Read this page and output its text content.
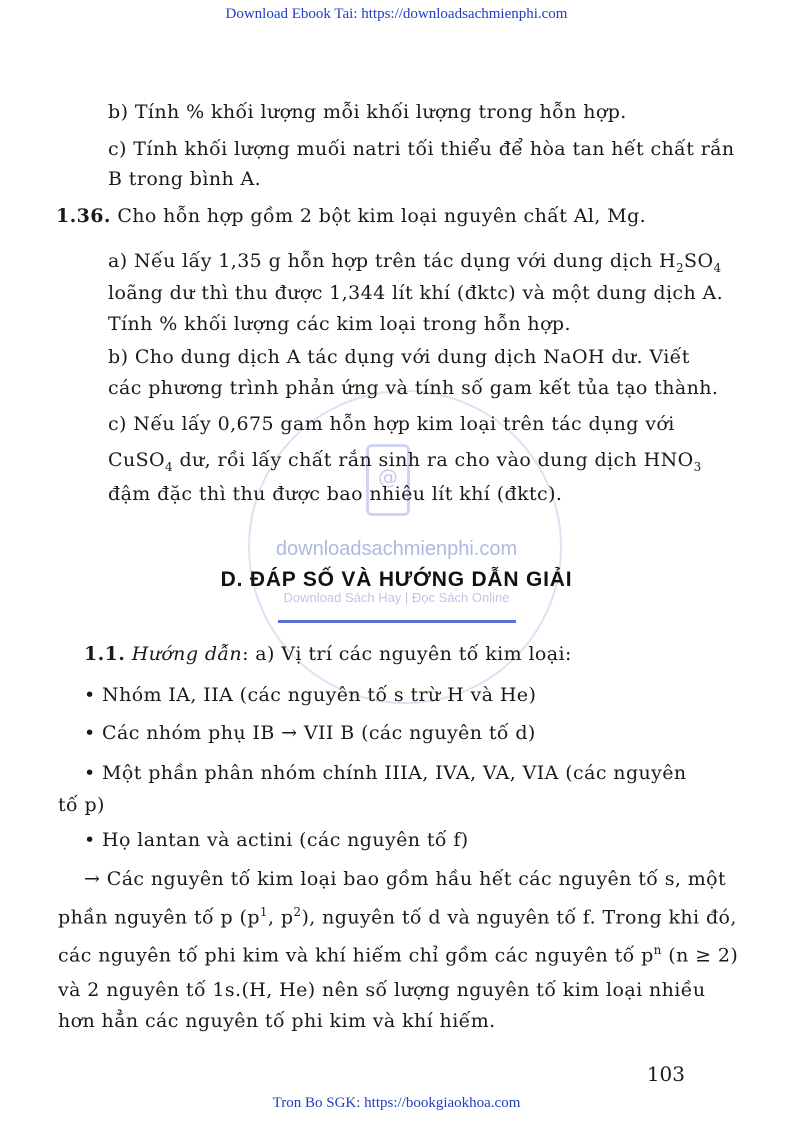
Download Ebook Tai: https://downloadsachmienphi.com
@
downloadsachmienphi.com
Download Sách Hay | Đọc Sách Online
b) Tính % khối lượng mỗi khối lượng trong hỗn hợp.
c) Tính khối lượng muối natri tối thiểu để hòa tan hết chất rắn
B trong bình A.
1.36. Cho hỗn hợp gồm 2 bột kim loại nguyên chất Al, Mg.
a) Nếu lấy 1,35 g hỗn hợp trên tác dụng với dung dịch $H_2SO_4$
loãng dư thì thu được 1,344 lít khí (đktc) và một dung dịch A.
Tính % khối lượng các kim loại trong hỗn hợp.
b) Cho dung dịch A tác dụng với dung dịch NaOH dư. Viết
các phương trình phản ứng và tính số gam kết tủa tạo thành.
c) Nếu lấy 0,675 gam hỗn hợp kim loại trên tác dụng với
CuSO$_4$ dư, rồi lấy chất rắn sinh ra cho vào dung dịch $HNO_3$
đậm đặc thì thu được bao nhiêu lít khí (đktc).
D. ĐÁP SỐ VÀ HƯỚNG DẪN GIẢI
1.1. Hướng dẫn: a) Vị trí các nguyên tố kim loại:
• Nhóm IA, IIA (các nguyên tố s trừ H và He)
• Các nhóm phụ IB → VII B (các nguyên tố d)
• Một phần phân nhóm chính IIIA, IVA, VA, VIA (các nguyên
tố p)
• Họ lantan và actini (các nguyên tố f)
→ Các nguyên tố kim loại bao gồm hầu hết các nguyên tố s, một
phần nguyên tố p ($p^1$, $p^2$), nguyên tố d và nguyên tố f. Trong khi đó,
các nguyên tố phi kim và khí hiếm chỉ gồm các nguyên tố $p^n$ (n ≥ 2)
và 2 nguyên tố 1s.(H, He) nên số lượng nguyên tố kim loại nhiều
hơn hẳn các nguyên tố phi kim và khí hiếm.
103
Tron Bo SGK: https://bookgiaokhoa.com
